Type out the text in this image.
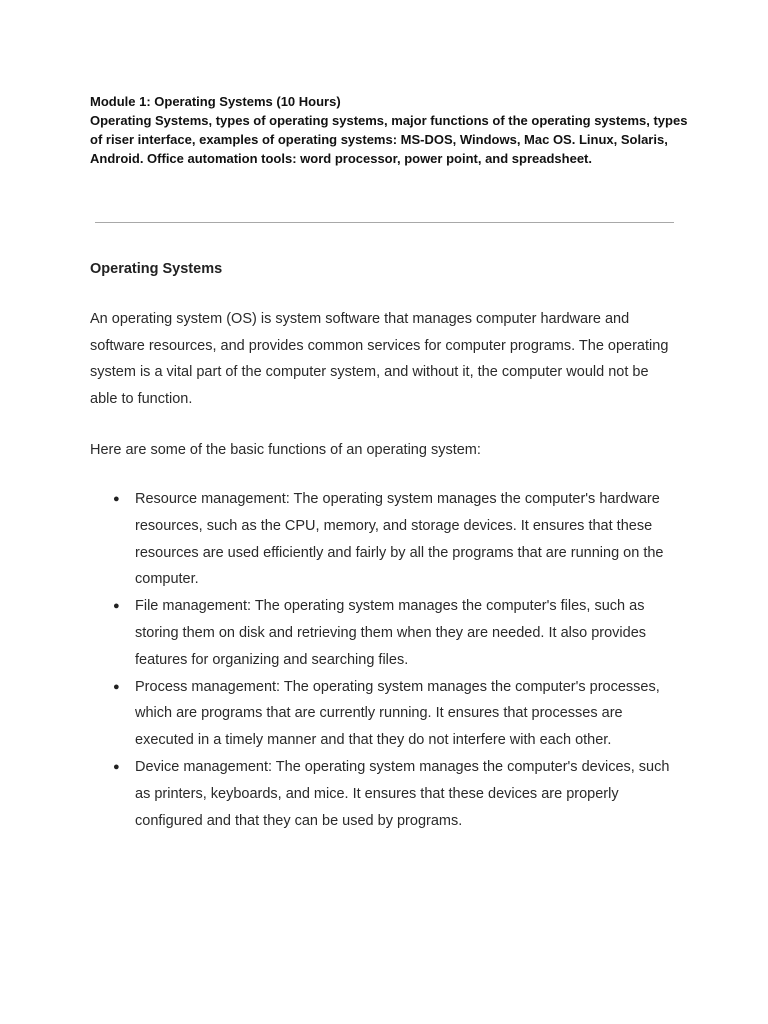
Module 1: Operating Systems (10 Hours)
Operating Systems, types of operating systems, major functions of the operating systems, types of riser interface, examples of operating systems: MS-DOS, Windows, Mac OS. Linux, Solaris, Android. Office automation tools: word processor, power point, and spreadsheet.
Operating Systems

An operating system (OS) is system software that manages computer hardware and software resources, and provides common services for computer programs. The operating system is a vital part of the computer system, and without it, the computer would not be able to function.

Here are some of the basic functions of an operating system:

● Resource management: The operating system manages the computer's hardware resources, such as the CPU, memory, and storage devices. It ensures that these resources are used efficiently and fairly by all the programs that are running on the computer.
● File management: The operating system manages the computer's files, such as storing them on disk and retrieving them when they are needed. It also provides features for organizing and searching files.
● Process management: The operating system manages the computer's processes, which are programs that are currently running. It ensures that processes are executed in a timely manner and that they do not interfere with each other.
● Device management: The operating system manages the computer's devices, such as printers, keyboards, and mice. It ensures that these devices are properly configured and that they can be used by programs.
